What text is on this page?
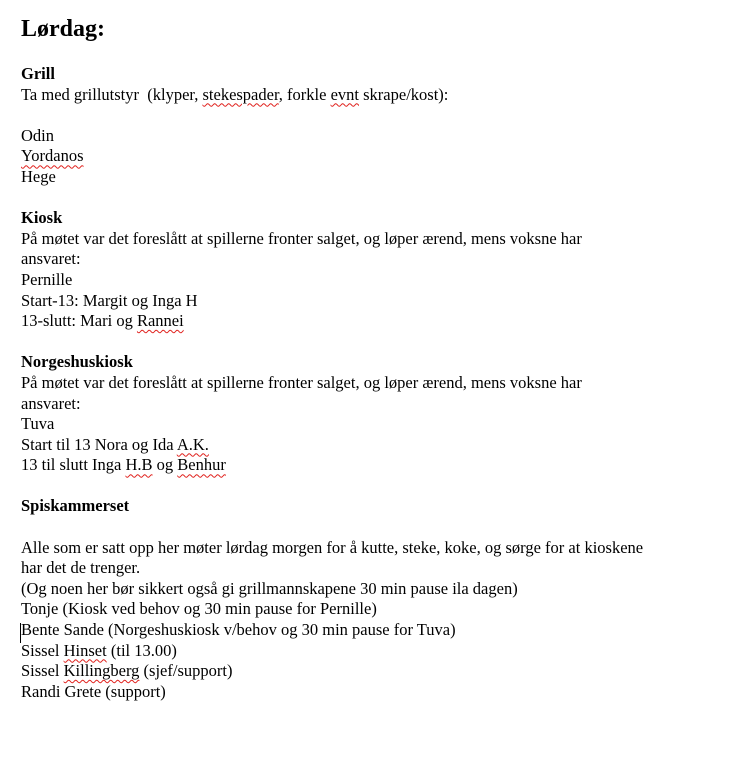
Lørdag:
Grill
Ta med grillutstyr  (klyper, stekespader, forkle evnt skrape/kost):
Odin
Yordanos
Hege
Kiosk
På møtet var det foreslått at spillerne fronter salget, og løper ærend, mens voksne har
ansvaret:
Pernille
Start-13: Margit og Inga H
13-slutt: Mari og Rannei
Norgeshuskiosk
På møtet var det foreslått at spillerne fronter salget, og løper ærend, mens voksne har
ansvaret:
Tuva
Start til 13 Nora og Ida A.K.
13 til slutt Inga H.B og Benhur
Spiskammerset
Alle som er satt opp her møter lørdag morgen for å kutte, steke, koke, og sørge for at kioskene
har det de trenger.
(Og noen her bør sikkert også gi grillmannskapene 30 min pause ila dagen)
Tonje (Kiosk ved behov og 30 min pause for Pernille)
Bente Sande (Norgeshuskiosk v/behov og 30 min pause for Tuva)
Sissel Hinset (til 13.00)
Sissel Killingberg (sjef/support)
Randi Grete (support)
